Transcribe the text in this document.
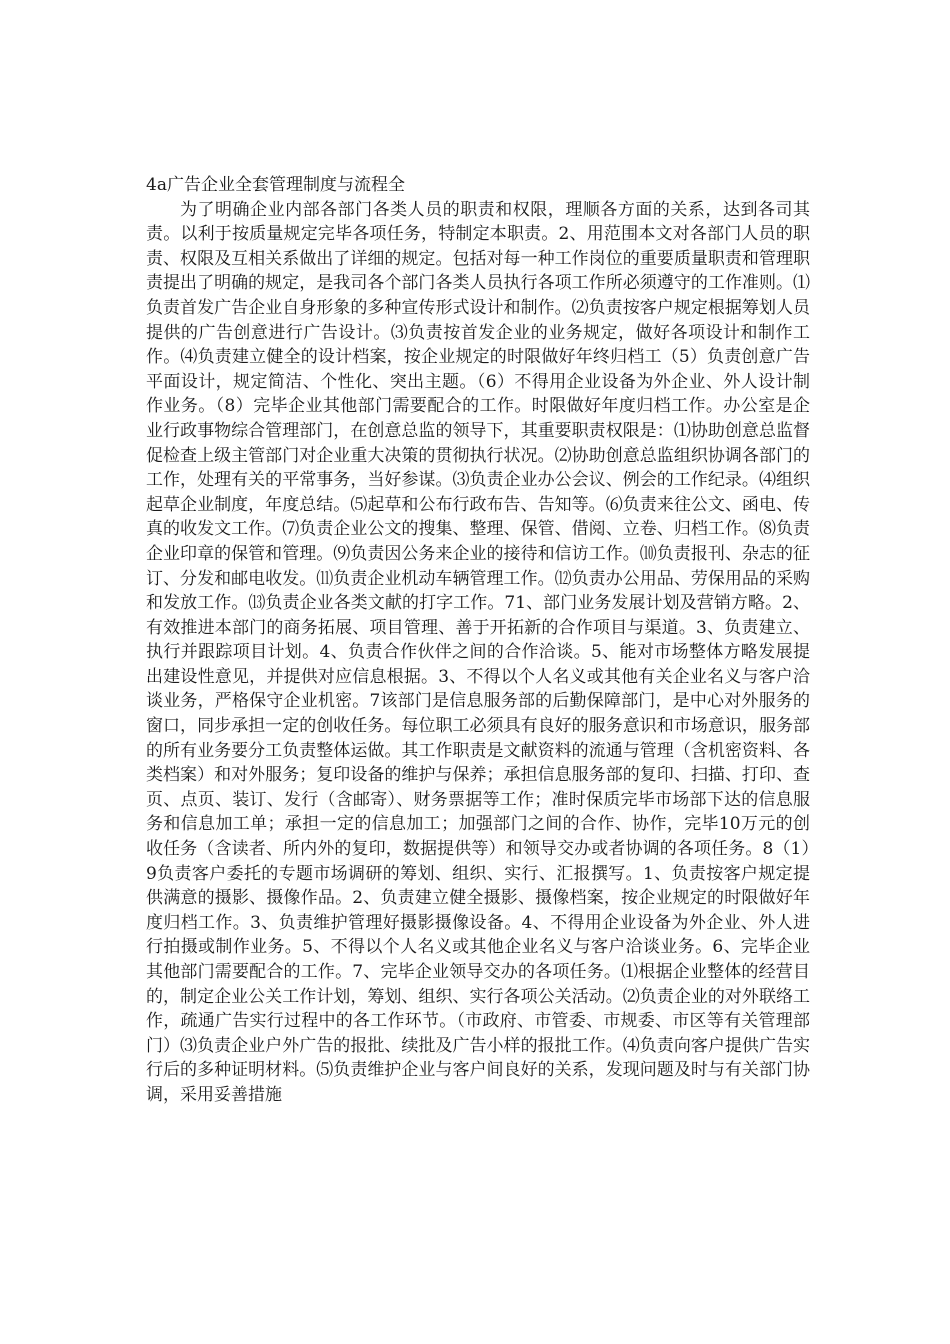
4a广告企业全套管理制度与流程全

为了明确企业内部各部门各类人员的职责和权限，理顺各方面的关系，达到各司其责。以利于按质量规定完毕各项任务，特制定本职责。2、用范围本文对各部门人员的职责、权限及互相关系做出了详细的规定。包括对每一种工作岗位的重要质量职责和管理职责提出了明确的规定，是我司各个部门各类人员执行各项工作所必须遵守的工作准则。⑴负责首发广告企业自身形象的多种宣传形式设计和制作。⑵负责按客户规定根据筹划人员提供的广告创意进行广告设计。⑶负责按首发企业的业务规定，做好各项设计和制作工作。⑷负责建立健全的设计档案，按企业规定的时限做好年终归档工（5）负责创意广告平面设计，规定简洁、个性化、突出主题。（6）不得用企业设备为外企业、外人设计制作业务。（8）完毕企业其他部门需要配合的工作。时限做好年度归档工作。办公室是企业行政事物综合管理部门，在创意总监的领导下，其重要职责权限是：⑴协助创意总监督促检查上级主管部门对企业重大决策的贯彻执行状况。⑵协助创意总监组织协调各部门的工作，处理有关的平常事务，当好参谋。⑶负责企业办公会议、例会的工作纪录。⑷组织起草企业制度，年度总结。⑸起草和公布行政布告、告知等。⑹负责来往公文、函电、传真的收发文工作。⑺负责企业公文的搜集、整理、保管、借阅、立卷、归档工作。⑻负责企业印章的保管和管理。⑼负责因公务来企业的接待和信访工作。⑽负责报刊、杂志的征订、分发和邮电收发。⑾负责企业机动车辆管理工作。⑿负责办公用品、劳保用品的采购和发放工作。⒀负责企业各类文献的打字工作。71、部门业务发展计划及营销方略。2、有效推进本部门的商务拓展、项目管理、善于开拓新的合作项目与渠道。3、负责建立、执行并跟踪项目计划。4、负责合作伙伴之间的合作洽谈。5、能对市场整体方略发展提出建设性意见，并提供对应信息根据。3、不得以个人名义或其他有关企业名义与客户洽谈业务，严格保守企业机密。7该部门是信息服务部的后勤保障部门，是中心对外服务的窗口，同步承担一定的创收任务。每位职工必须具有良好的服务意识和市场意识，服务部的所有业务要分工负责整体运做。其工作职责是文献资料的流通与管理（含机密资料、各类档案）和对外服务；复印设备的维护与保养；承担信息服务部的复印、扫描、打印、查页、点页、装订、发行（含邮寄）、财务票据等工作；准时保质完毕市场部下达的信息服务和信息加工单；承担一定的信息加工；加强部门之间的合作、协作，完毕10万元的创收任务（含读者、所内外的复印，数据提供等）和领导交办或者协调的各项任务。8（1）9负责客户委托的专题市场调研的筹划、组织、实行、汇报撰写。1、负责按客户规定提供满意的摄影、摄像作品。2、负责建立健全摄影、摄像档案，按企业规定的时限做好年度归档工作。3、负责维护管理好摄影摄像设备。4、不得用企业设备为外企业、外人进行拍摄或制作业务。5、不得以个人名义或其他企业名义与客户洽谈业务。6、完毕企业其他部门需要配合的工作。7、完毕企业领导交办的各项任务。⑴根据企业整体的经营目的，制定企业公关工作计划，筹划、组织、实行各项公关活动。⑵负责企业的对外联络工作，疏通广告实行过程中的各工作环节。（市政府、市管委、市规委、市区等有关管理部门）⑶负责企业户外广告的报批、续批及广告小样的报批工作。⑷负责向客户提供广告实行后的多种证明材料。⑸负责维护企业与客户间良好的关系，发现问题及时与有关部门协调，采用妥善措施
